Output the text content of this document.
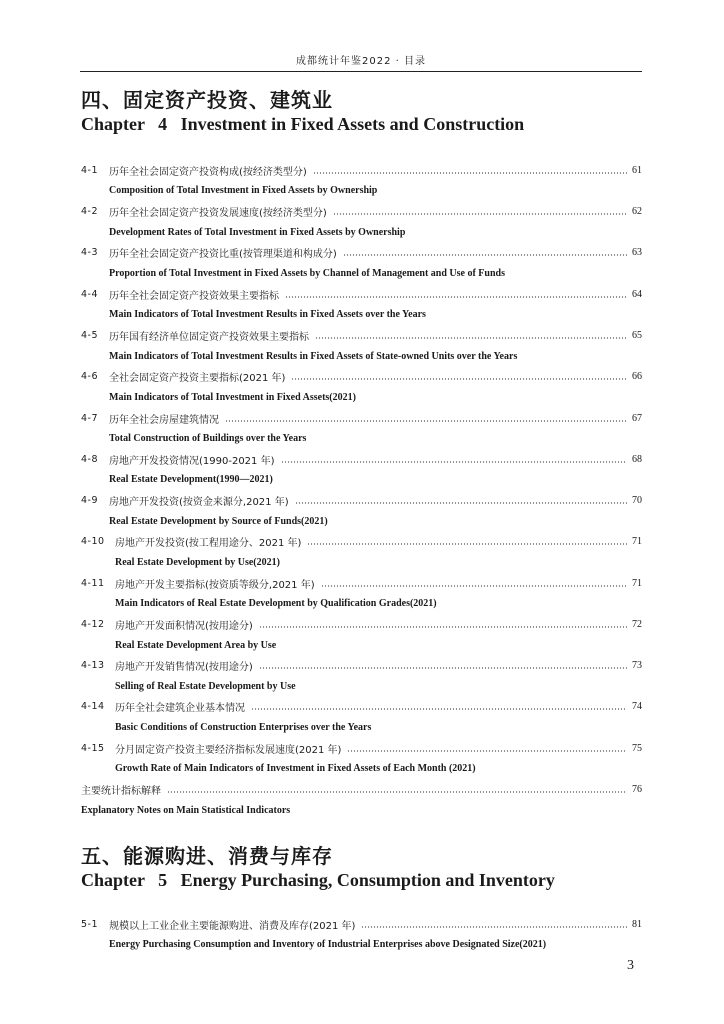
成都统计年鉴2022 · 目录
四、固定资产投资、建筑业
Chapter   4   Investment in Fixed Assets and Construction
4-1	历年全社会固定资产投资构成(按经济类型分)	61
Composition of Total Investment in Fixed Assets by Ownership
4-2	历年全社会固定资产投资发展速度(按经济类型分)	62
Development Rates of Total Investment in Fixed Assets by Ownership
4-3	历年全社会固定资产投资比重(按管理渠道和构成分)	63
Proportion of Total Investment in Fixed Assets by Channel of Management and Use of Funds
4-4	历年全社会固定资产投资效果主要指标	64
Main Indicators of Total Investment Results in Fixed Assets over the Years
4-5	历年国有经济单位固定资产投资效果主要指标	65
Main Indicators of Total Investment Results in Fixed Assets of State-owned Units over the Years
4-6	全社会固定资产投资主要指标(2021 年)	66
Main Indicators of Total Investment in Fixed Assets(2021)
4-7	历年全社会房屋建筑情况	67
Total Construction of Buildings over the Years
4-8	房地产开发投资情况(1990-2021 年)	68
Real Estate Development(1990—2021)
4-9	房地产开发投资(按资金来源分,2021 年)	70
Real Estate Development by Source of Funds(2021)
4-10	房地产开发投资(按工程用途分、2021 年)	71
Real Estate Development by Use(2021)
4-11	房地产开发主要指标(按资质等级分,2021 年)	71
Main Indicators of Real Estate Development by Qualification Grades(2021)
4-12	房地产开发面积情况(按用途分)	72
Real Estate Development Area by Use
4-13	房地产开发销售情况(按用途分)	73
Selling of Real Estate Development by Use
4-14	历年全社会建筑企业基本情况	74
Basic Conditions of Construction Enterprises over the Years
4-15	分月固定资产投资主要经济指标发展速度(2021 年)	75
Growth Rate of Main Indicators of Investment in Fixed Assets of Each Month (2021)
主要统计指标解释	76
Explanatory Notes on Main Statistical Indicators
五、能源购进、消费与库存
Chapter   5   Energy Purchasing, Consumption and Inventory
5-1	规模以上工业企业主要能源购进、消费及库存(2021 年)	81
Energy Purchasing Consumption and Inventory of Industrial Enterprises above Designated Size(2021)
3
